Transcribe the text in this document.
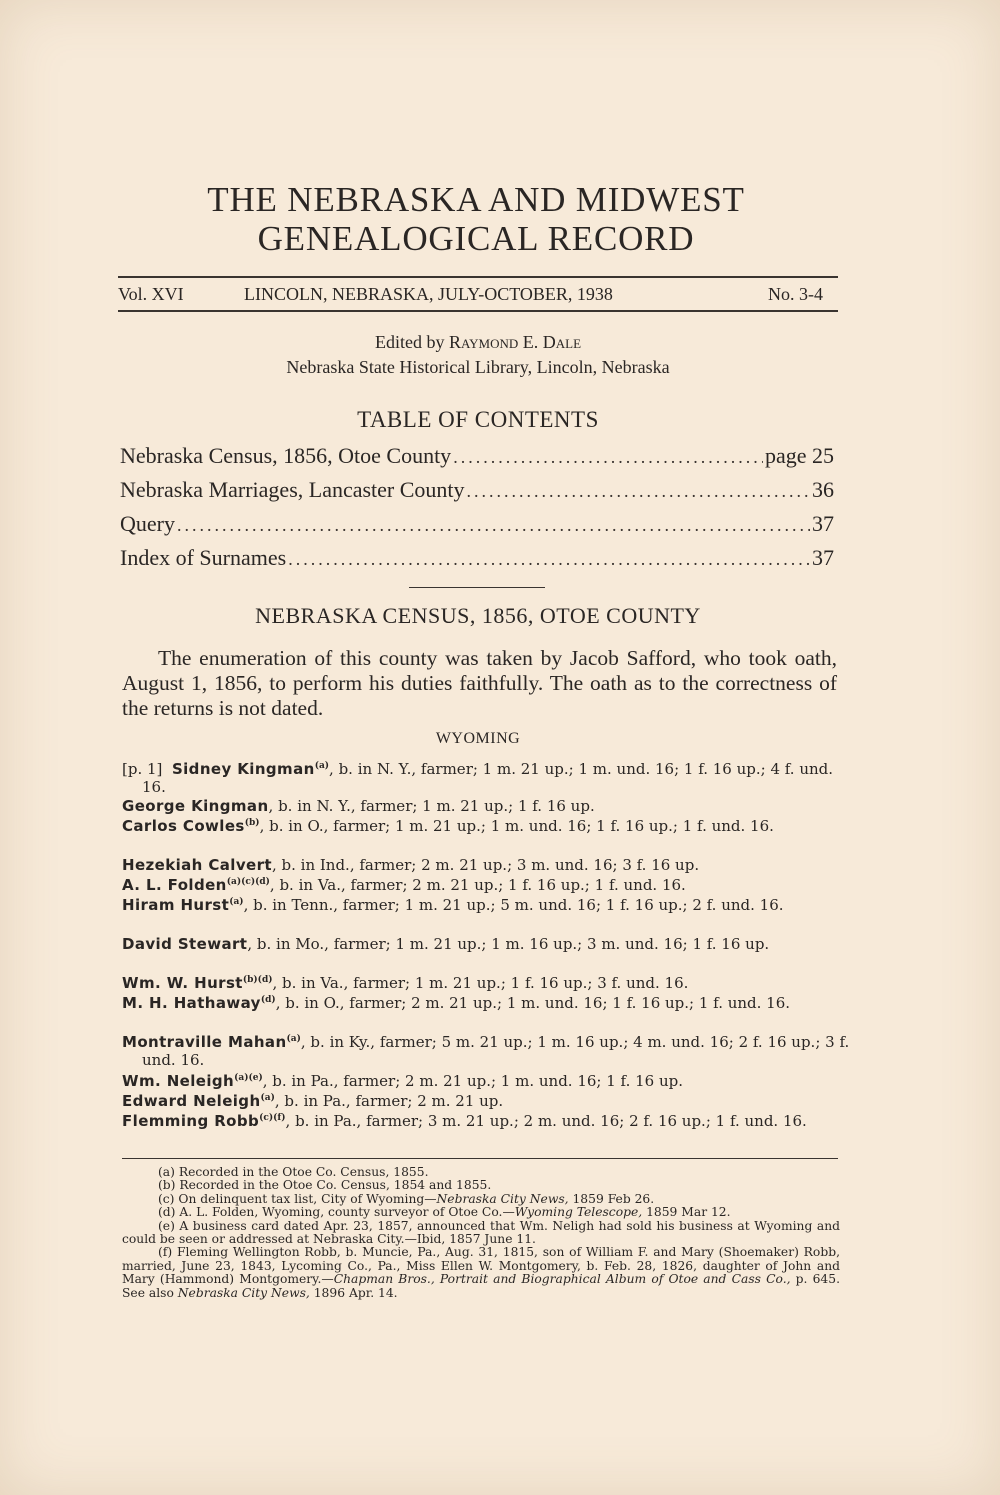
THE NEBRASKA AND MIDWEST
GENEALOGICAL RECORD
Vol. XVI	LINCOLN, NEBRASKA, JULY-OCTOBER, 1938	No. 3-4
Edited by Raymond E. Dale
Nebraska State Historical Library, Lincoln, Nebraska
TABLE OF CONTENTS
Nebraska Census, 1856, Otoe County .....	page 25
Nebraska Marriages, Lancaster County .....	36
Query .....	37
Index of Surnames .....	37
NEBRASKA CENSUS, 1856, OTOE COUNTY
The enumeration of this county was taken by Jacob Safford, who took oath, August 1, 1856, to perform his duties faithfully. The oath as to the correctness of the returns is not dated.
WYOMING
[p. 1] Sidney Kingman$^{(a)}$, b. in N. Y., farmer; 1 m. 21 up.; 1 m. und. 16; 1 f. 16 up.; 4 f. und. 16.
George Kingman, b. in N. Y., farmer; 1 m. 21 up.; 1 f. 16 up.
Carlos Cowles$^{(b)}$, b. in O., farmer; 1 m. 21 up.; 1 m. und. 16; 1 f. 16 up.; 1 f. und. 16.
Hezekiah Calvert, b. in Ind., farmer; 2 m. 21 up.; 3 m. und. 16; 3 f. 16 up.
A. L. Folden$^{(a)(c)(d)}$, b. in Va., farmer; 2 m. 21 up.; 1 f. 16 up.; 1 f. und. 16.
Hiram Hurst$^{(a)}$, b. in Tenn., farmer; 1 m. 21 up.; 5 m. und. 16; 1 f. 16 up.; 2 f. und. 16.
David Stewart, b. in Mo., farmer; 1 m. 21 up.; 1 m. 16 up.; 3 m. und. 16; 1 f. 16 up.
Wm. W. Hurst$^{(b)(d)}$, b. in Va., farmer; 1 m. 21 up.; 1 f. 16 up.; 3 f. und. 16.
M. H. Hathaway$^{(d)}$, b. in O., farmer; 2 m. 21 up.; 1 m. und. 16; 1 f. 16 up.; 1 f. und. 16.
Montraville Mahan$^{(a)}$, b. in Ky., farmer; 5 m. 21 up.; 1 m. 16 up.; 4 m. und. 16; 2 f. 16 up.; 3 f. und. 16.
Wm. Neleigh$^{(a)(e)}$, b. in Pa., farmer; 2 m. 21 up.; 1 m. und. 16; 1 f. 16 up.
Edward Neleigh$^{(a)}$, b. in Pa., farmer; 2 m. 21 up.
Flemming Robb$^{(c)(f)}$, b. in Pa., farmer; 3 m. 21 up.; 2 m. und. 16; 2 f. 16 up.; 1 f. und. 16.

(a) Recorded in the Otoe Co. Census, 1855.

(b) Recorded in the Otoe Co. Census, 1854 and 1855.

(c) On delinquent tax list, City of Wyoming—Nebraska City News, 1859 Feb 26.

(d) A. L. Folden, Wyoming, county surveyor of Otoe Co.—Wyoming Telescope, 1859 Mar 12.

(e) A business card dated Apr. 23, 1857, announced that Wm. Neligh had sold his business at Wyoming and could be seen or addressed at Nebraska City.—Ibid, 1857 June 11.

(f) Fleming Wellington Robb, b. Muncie, Pa., Aug. 31, 1815, son of William F. and Mary (Shoemaker) Robb, married, June 23, 1843, Lycoming Co., Pa., Miss Ellen W. Montgomery, b. Feb. 28, 1826, daughter of John and Mary (Hammond) Montgomery.—Chapman Bros., Portrait and Biographical Album of Otoe and Cass Co., p. 645. See also Nebraska City News, 1896 Apr. 14.
